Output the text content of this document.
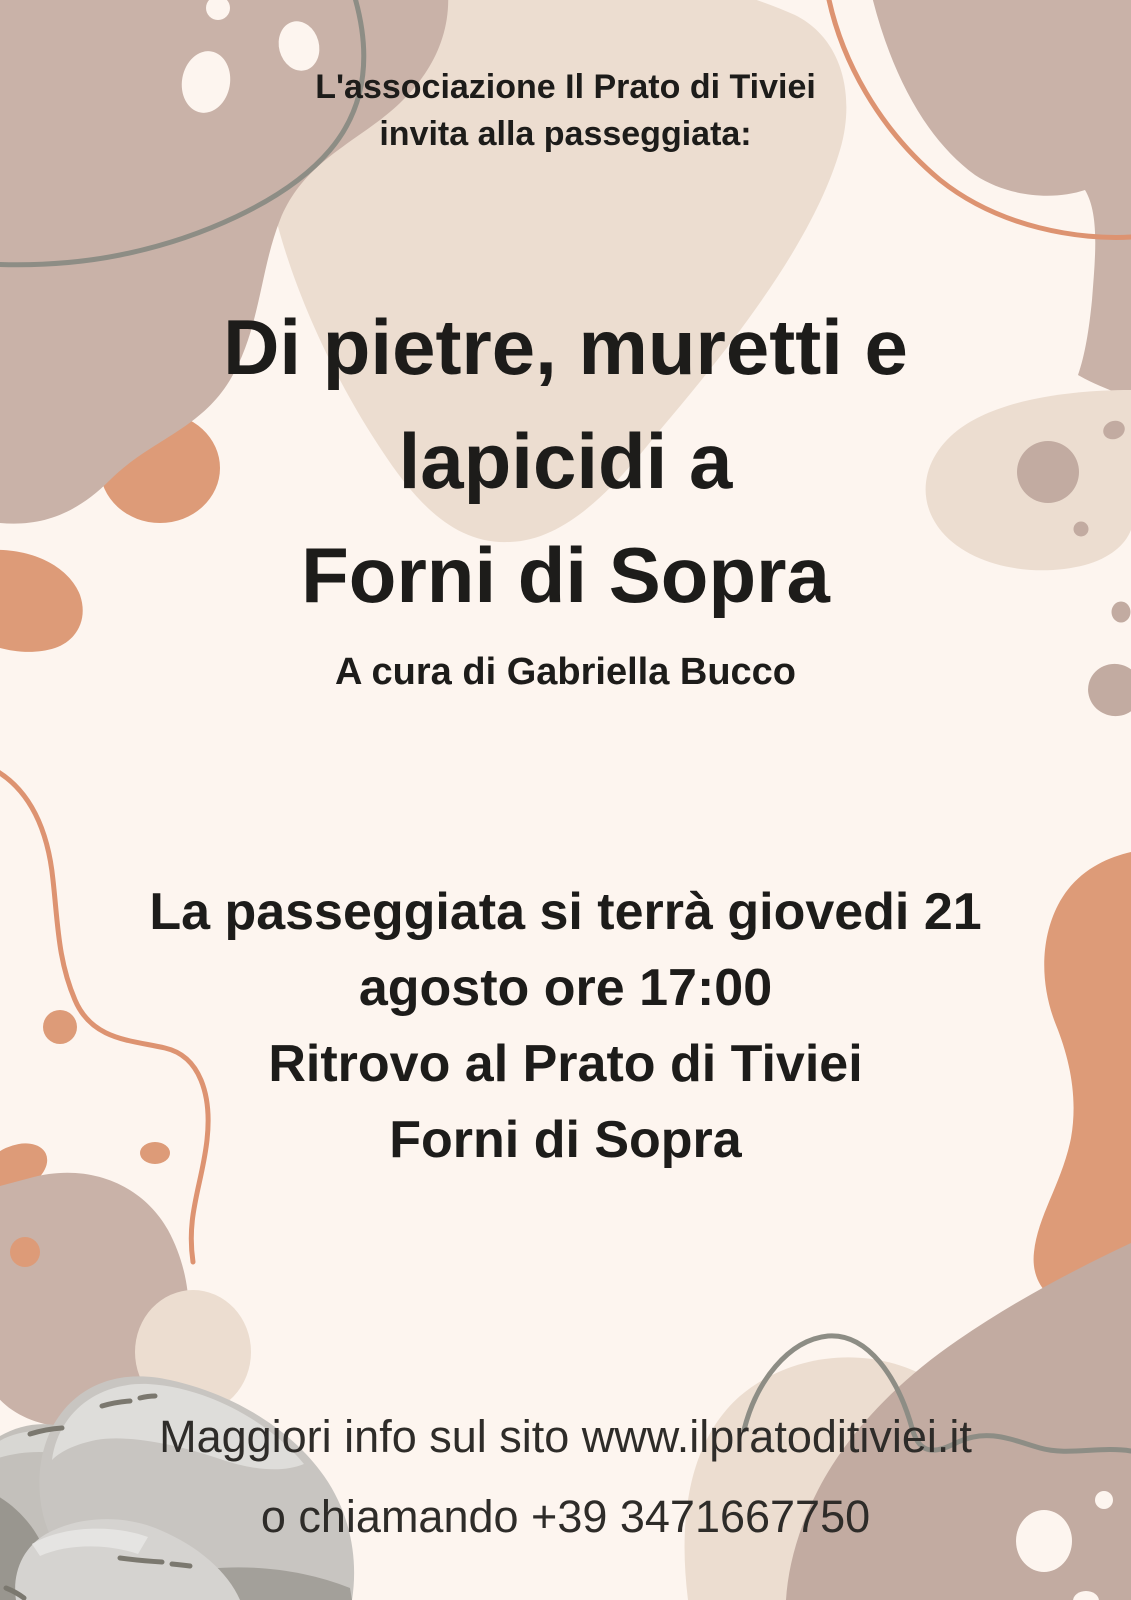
L'associazione Il Prato di Tiviei
invita alla passeggiata:
Di pietre, muretti e
lapicidi a
Forni di Sopra
A cura di Gabriella Bucco
La passeggiata si terrà giovedi 21
agosto ore 17:00
Ritrovo al Prato di Tiviei
Forni di Sopra
Maggiori info sul sito www.ilpratoditiviei.it
o chiamando +39 3471667750
